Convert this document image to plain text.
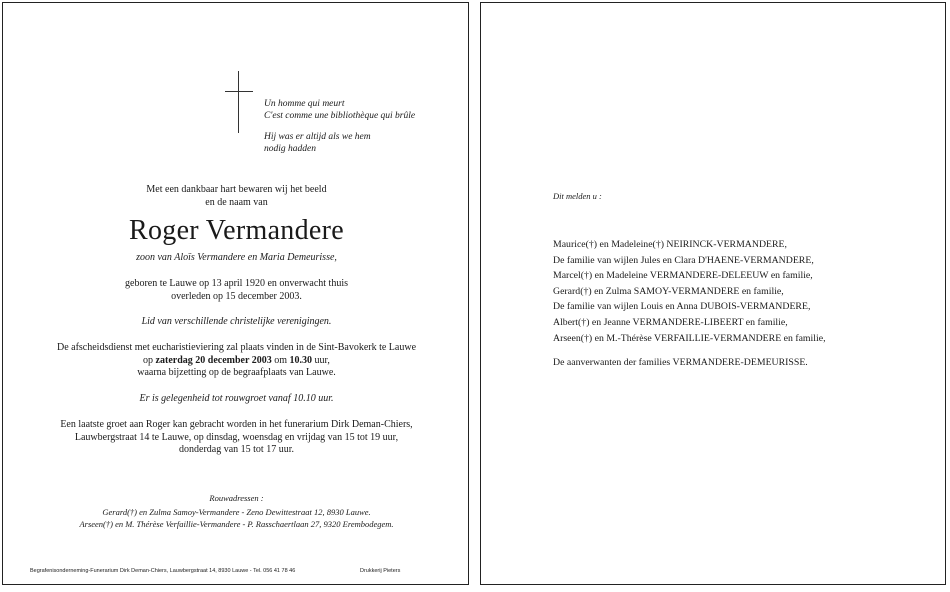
Un homme qui meurt
C'est comme une bibliothèque qui brûle
Hij was er altijd als we hem
nodig hadden
Met een dankbaar hart bewaren wij het beeld
en de naam van
Roger Vermandere
zoon van Aloïs Vermandere en Maria Demeurisse,
geboren te Lauwe op 13 april 1920 en onverwacht thuis
overleden op 15 december 2003.
Lid van verschillende christelijke verenigingen.
De afscheidsdienst met eucharistieviering zal plaats vinden in de Sint-Bavokerk te Lauwe
op zaterdag 20 december 2003 om 10.30 uur,
waarna bijzetting op de begraafplaats van Lauwe.
Er is gelegenheid tot rouwgroet vanaf 10.10 uur.
Een laatste groet aan Roger kan gebracht worden in het funerarium Dirk Deman-Chiers,
Lauwbergstraat 14 te Lauwe, op dinsdag, woensdag en vrijdag van 15 tot 19 uur,
donderdag van 15 tot 17 uur.
Rouwadressen :
Gerard(†) en Zulma Samoy-Vermandere - Zeno Dewittestraat 12, 8930 Lauwe.
Arseen(†) en M. Thérèse Verfaillie-Vermandere - P. Rasschaertlaan 27, 9320 Erembodegem.
Begrafenisonderneming-Funerarium Dirk Deman-Chiers, Lauwbergstraat 14, 8930 Lauwe - Tel. 056 41 78 46	Drukkerij Pieters
Dit melden u :
Maurice(†) en Madeleine(†) NEIRINCK-VERMANDERE,
De familie van wijlen Jules en Clara D'HAENE-VERMANDERE,
Marcel(†) en Madeleine VERMANDERE-DELEEUW en familie,
Gerard(†) en Zulma SAMOY-VERMANDERE en familie,
De familie van wijlen Louis en Anna DUBOIS-VERMANDERE,
Albert(†) en Jeanne VERMANDERE-LIBEERT en familie,
Arseen(†) en M.-Thérèse VERFAILLIE-VERMANDERE en familie,
De aanverwanten der families VERMANDERE-DEMEURISSE.
